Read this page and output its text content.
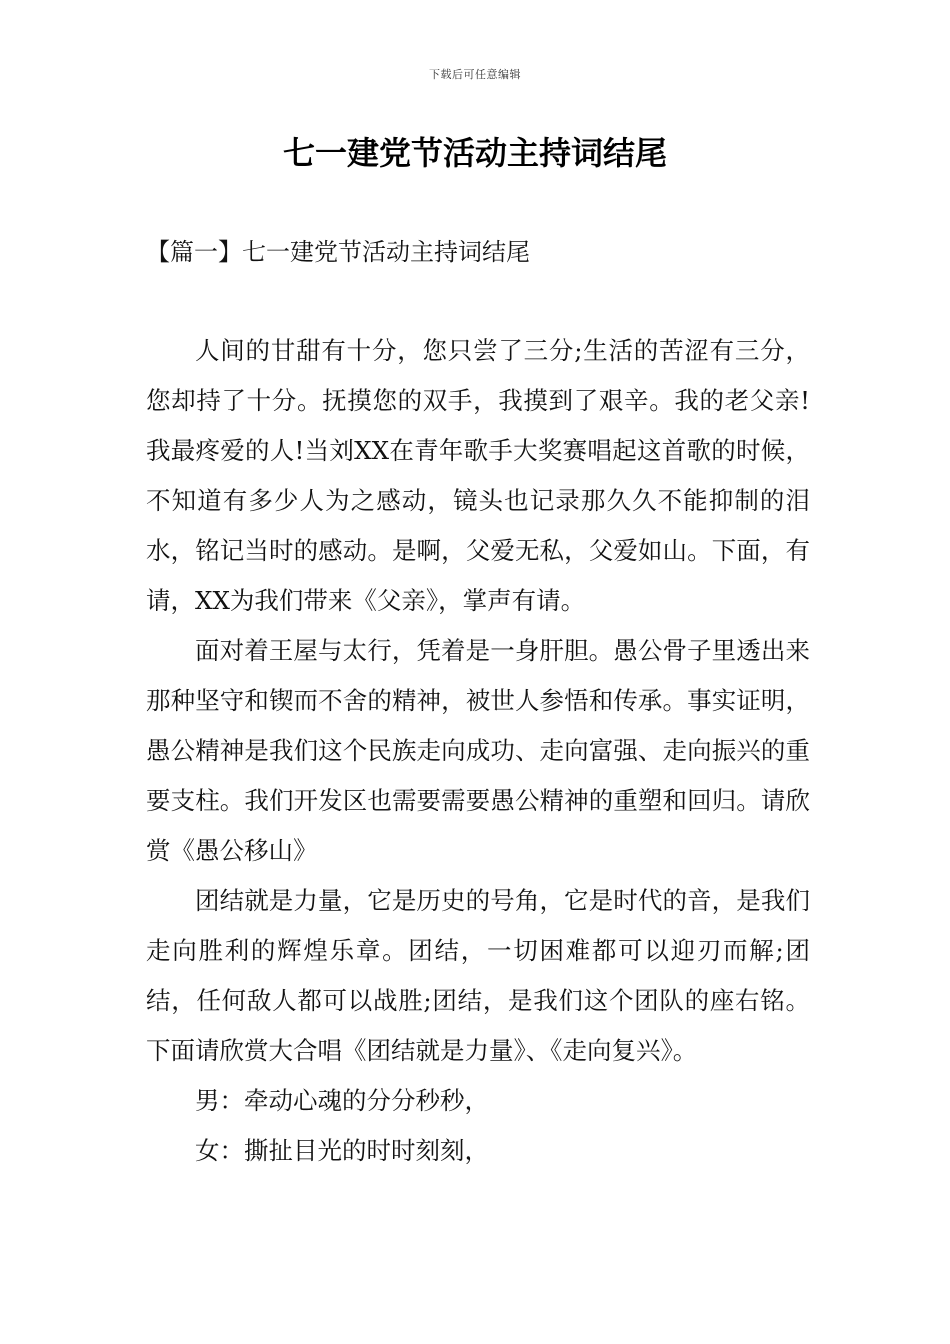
下载后可任意编辑
七一建党节活动主持词结尾
【篇一】七一建党节活动主持词结尾

人间的甘甜有十分，您只尝了三分;生活的苦涩有三分，您却持了十分。抚摸您的双手，我摸到了艰辛。我的老父亲!我最疼爱的人!当刘XX在青年歌手大奖赛唱起这首歌的时候，不知道有多少人为之感动，镜头也记录那久久不能抑制的泪水，铭记当时的感动。是啊，父爱无私，父爱如山。下面，有请，XX为我们带来《父亲》，掌声有请。

面对着王屋与太行，凭着是一身肝胆。愚公骨子里透出来那种坚守和锲而不舍的精神，被世人参悟和传承。事实证明，愚公精神是我们这个民族走向成功、走向富强、走向振兴的重要支柱。我们开发区也需要需要愚公精神的重塑和回归。请欣赏《愚公移山》

团结就是力量，它是历史的号角，它是时代的音，是我们走向胜利的辉煌乐章。团结，一切困难都可以迎刃而解;团结，任何敌人都可以战胜;团结，是我们这个团队的座右铭。下面请欣赏大合唱《团结就是力量》、《走向复兴》。

男：牵动心魂的分分秒秒，

女：撕扯目光的时时刻刻，
